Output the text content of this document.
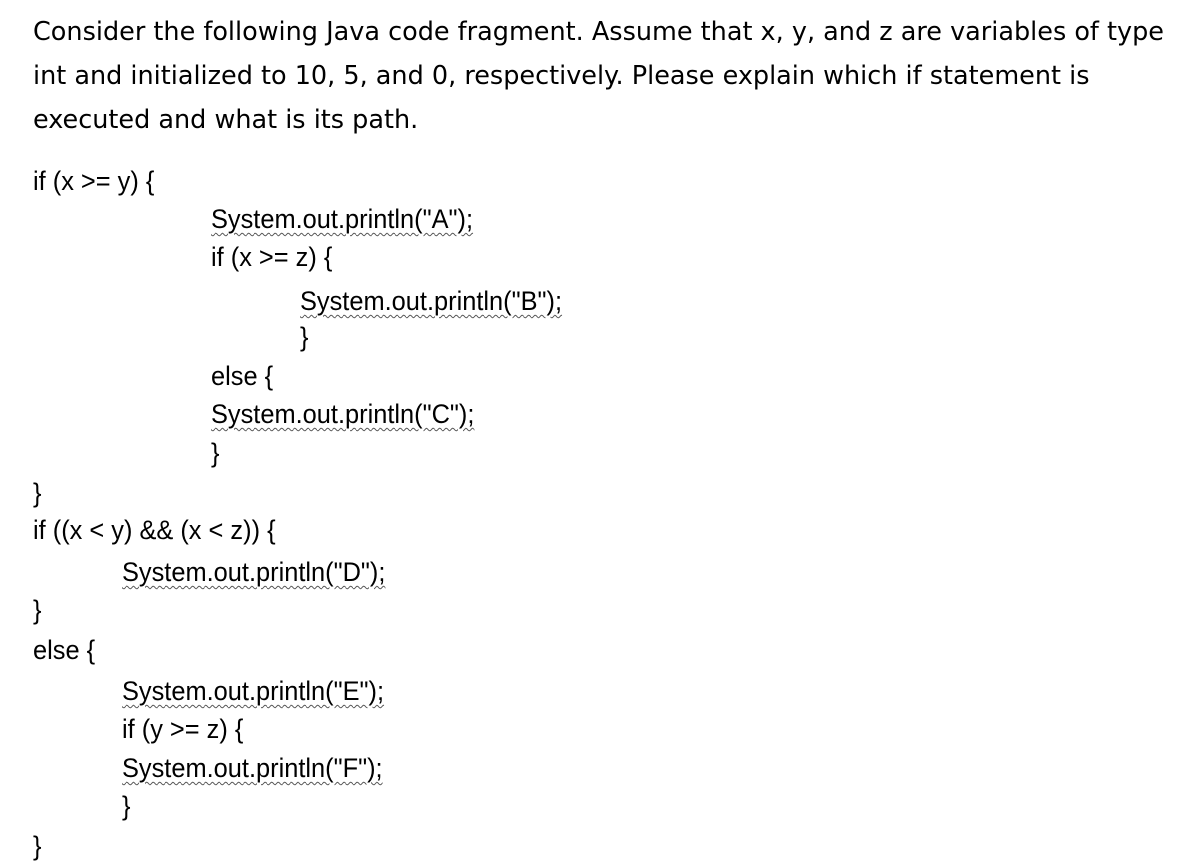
Consider the following Java code fragment. Assume that x, y, and z are variables of type

int and initialized to 10, 5, and 0, respectively. Please explain which if statement is

executed and what is its path.

if (x >= y) {
System.out.println("A");
if (x >= z) {
System.out.println("B");
}
else {
System.out.println("C");
}
}
if ((x < y) && (x < z)) {
System.out.println("D");
}
else {
System.out.println("E");
if (y >= z) {
System.out.println("F");
}
}
